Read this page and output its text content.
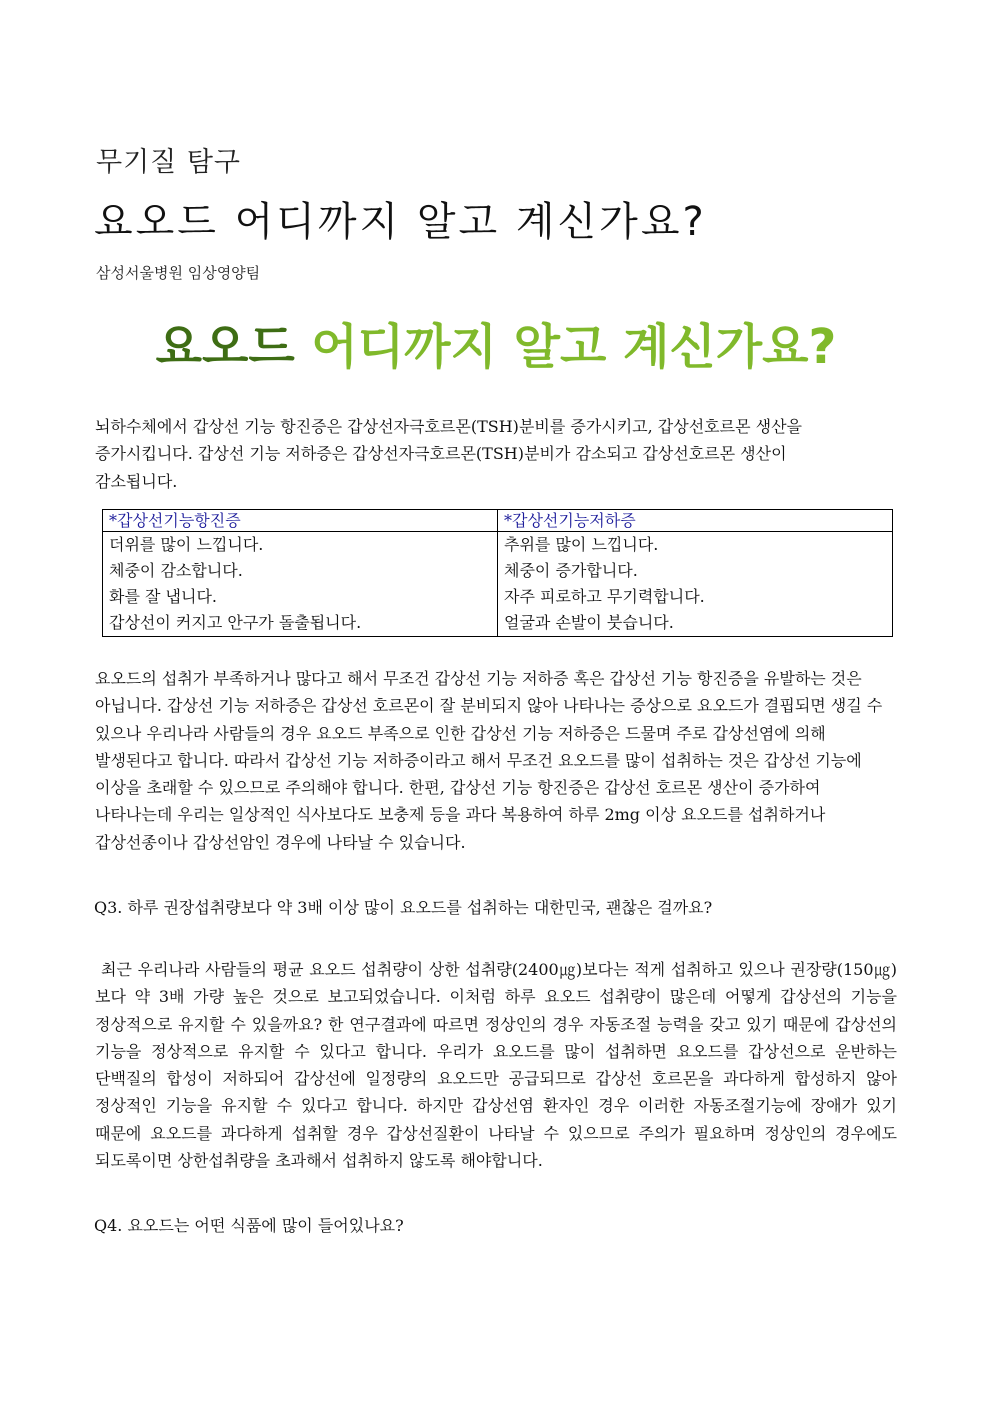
무기질 탐구
요오드 어디까지 알고 계신가요?
삼성서울병원 임상영양팀
요오드 어디까지 알고 계신가요?

뇌하수체에서 갑상선 기능 항진증은 갑상선자극호르몬(TSH)분비를 증가시키고, 갑상선호르몬 생산을 증가시킵니다. 갑상선 기능 저하증은 갑상선자극호르몬(TSH)분비가 감소되고 갑상선호르몬 생산이 감소됩니다.

*갑상선기능항진증	*갑상선기능저하증
더위를 많이 느낍니다.	추위를 많이 느낍니다.
체중이 감소합니다.	체중이 증가합니다.
화를 잘 냅니다.	자주 피로하고 무기력합니다.
갑상선이 커지고 안구가 돌출됩니다.	얼굴과 손발이 붓습니다.

요오드의 섭취가 부족하거나 많다고 해서 무조건 갑상선 기능 저하증 혹은 갑상선 기능 항진증을 유발하는 것은 아닙니다. 갑상선 기능 저하증은 갑상선 호르몬이 잘 분비되지 않아 나타나는 증상으로 요오드가 결핍되면 생길 수 있으나 우리나라 사람들의 경우 요오드 부족으로 인한 갑상선 기능 저하증은 드물며 주로 갑상선염에 의해 발생된다고 합니다. 따라서 갑상선 기능 저하증이라고 해서 무조건 요오드를 많이 섭취하는 것은 갑상선 기능에 이상을 초래할 수 있으므로 주의해야 합니다. 한편, 갑상선 기능 항진증은 갑상선 호르몬 생산이 증가하여 나타나는데 우리는 일상적인 식사보다도 보충제 등을 과다 복용하여 하루 2mg 이상 요오드를 섭취하거나 갑상선종이나 갑상선암인 경우에 나타날 수 있습니다.

Q3. 하루 권장섭취량보다 약 3배 이상 많이 요오드를 섭취하는 대한민국, 괜찮은 걸까요?

최근 우리나라 사람들의 평균 요오드 섭취량이 상한 섭취량(2400㎍)보다는 적게 섭취하고 있으나 권장량(150㎍)보다 약 3배 가량 높은 것으로 보고되었습니다. 이처럼 하루 요오드 섭취량이 많은데 어떻게 갑상선의 기능을 정상적으로 유지할 수 있을까요? 한 연구결과에 따르면 정상인의 경우 자동조절 능력을 갖고 있기 때문에 갑상선의 기능을 정상적으로 유지할 수 있다고 합니다. 우리가 요오드를 많이 섭취하면 요오드를 갑상선으로 운반하는 단백질의 합성이 저하되어 갑상선에 일정량의 요오드만 공급되므로 갑상선 호르몬을 과다하게 합성하지 않아 정상적인 기능을 유지할 수 있다고 합니다. 하지만 갑상선염 환자인 경우 이러한 자동조절기능에 장애가 있기 때문에 요오드를 과다하게 섭취할 경우 갑상선질환이 나타날 수 있으므로 주의가 필요하며 정상인의 경우에도 되도록이면 상한섭취량을 초과해서 섭취하지 않도록 해야합니다.

Q4. 요오드는 어떤 식품에 많이 들어있나요?
